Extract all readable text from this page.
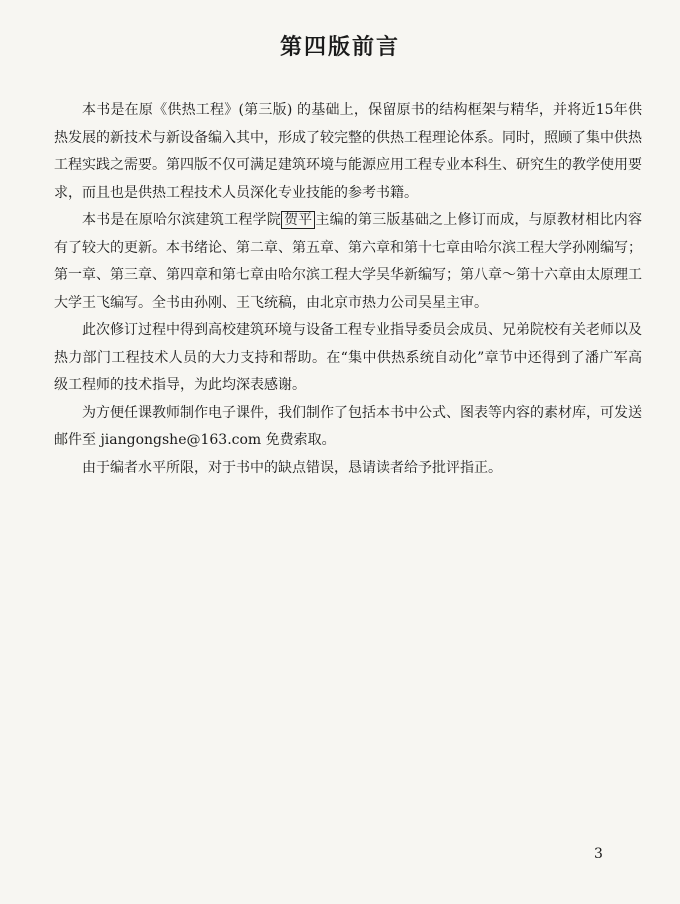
第四版前言

本书是在原《供热工程》(第三版) 的基础上，保留原书的结构框架与精华，并将近15年供热发展的新技术与新设备编入其中，形成了较完整的供热工程理论体系。同时，照顾了集中供热工程实践之需要。第四版不仅可满足建筑环境与能源应用工程专业本科生、研究生的教学使用要求，而且也是供热工程技术人员深化专业技能的参考书籍。

本书是在原哈尔滨建筑工程学院 贺平 主编的第三版基础之上修订而成，与原教材相比内容有了较大的更新。本书绪论、第二章、第五章、第六章和第十七章由哈尔滨工程大学孙刚编写；第一章、第三章、第四章和第七章由哈尔滨工程大学吴华新编写；第八章～第十六章由太原理工大学王飞编写。全书由孙刚、王飞统稿，由北京市热力公司吴星主审。

此次修订过程中得到高校建筑环境与设备工程专业指导委员会成员、兄弟院校有关老师以及热力部门工程技术人员的大力支持和帮助。在“集中供热系统自动化”章节中还得到了潘广军高级工程师的技术指导，为此均深表感谢。

为方便任课教师制作电子课件，我们制作了包括本书中公式、图表等内容的素材库，可发送邮件至 jiangongshe@163.com 免费索取。

由于编者水平所限，对于书中的缺点错误，恳请读者给予批评指正。

3
